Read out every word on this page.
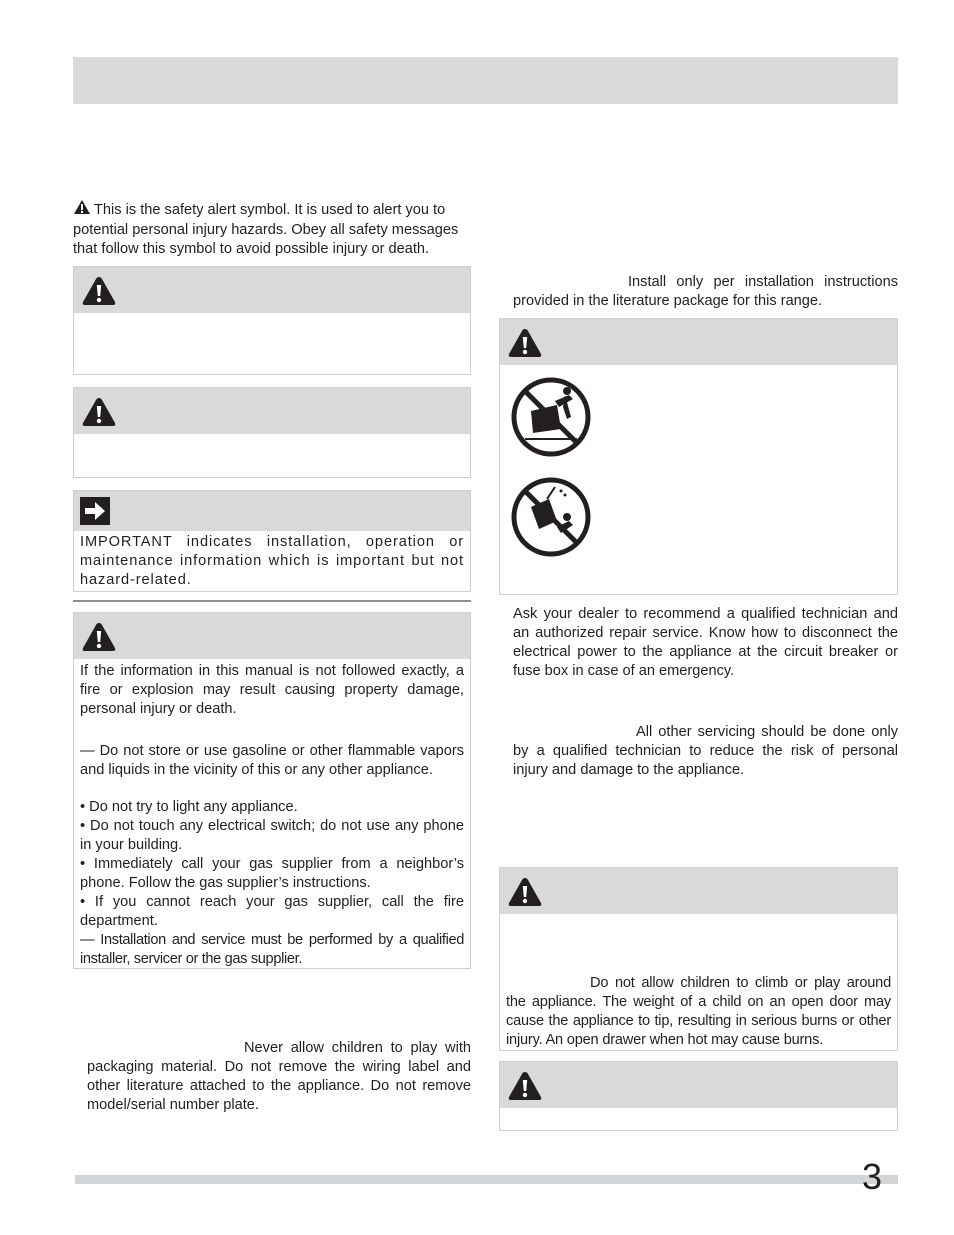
This is the safety alert symbol. It is used to alert you to potential personal injury hazards. Obey all safety messages that follow this symbol to avoid possible injury or death.
IMPORTANT indicates installation, operation or maintenance information which is important but not hazard-related.

If the information in this manual is not followed exactly, a fire or explosion may result causing property damage, personal injury or death.

— Do not store or use gasoline or other flammable vapors and liquids in the vicinity of this or any other appliance.

• Do not try to light any appliance.

• Do not touch any electrical switch; do not use any phone in your building.

• Immediately call your gas supplier from a neighbor’s phone. Follow the gas supplier’s instructions.

• If you cannot reach your gas supplier, call the fire department.

— Installation and service must be performed by a qualified installer, servicer or the gas supplier.

Never allow children to play with packaging material. Do not remove the wiring label and other literature attached to the appliance. Do not remove model/serial number plate.
Install only per installation instructions provided in the literature package for this range.
Ask your dealer to recommend a qualified technician and an authorized repair service. Know how to disconnect the electrical power to the appliance at the circuit breaker or fuse box in case of an emergency.
All other servicing should be done only by a qualified technician to reduce the risk of personal injury and damage to the appliance.
Do not allow children to climb or play around the appliance. The weight of a child on an open door may cause the appliance to tip, resulting in serious burns or other injury. An open drawer when hot may cause burns.
3
